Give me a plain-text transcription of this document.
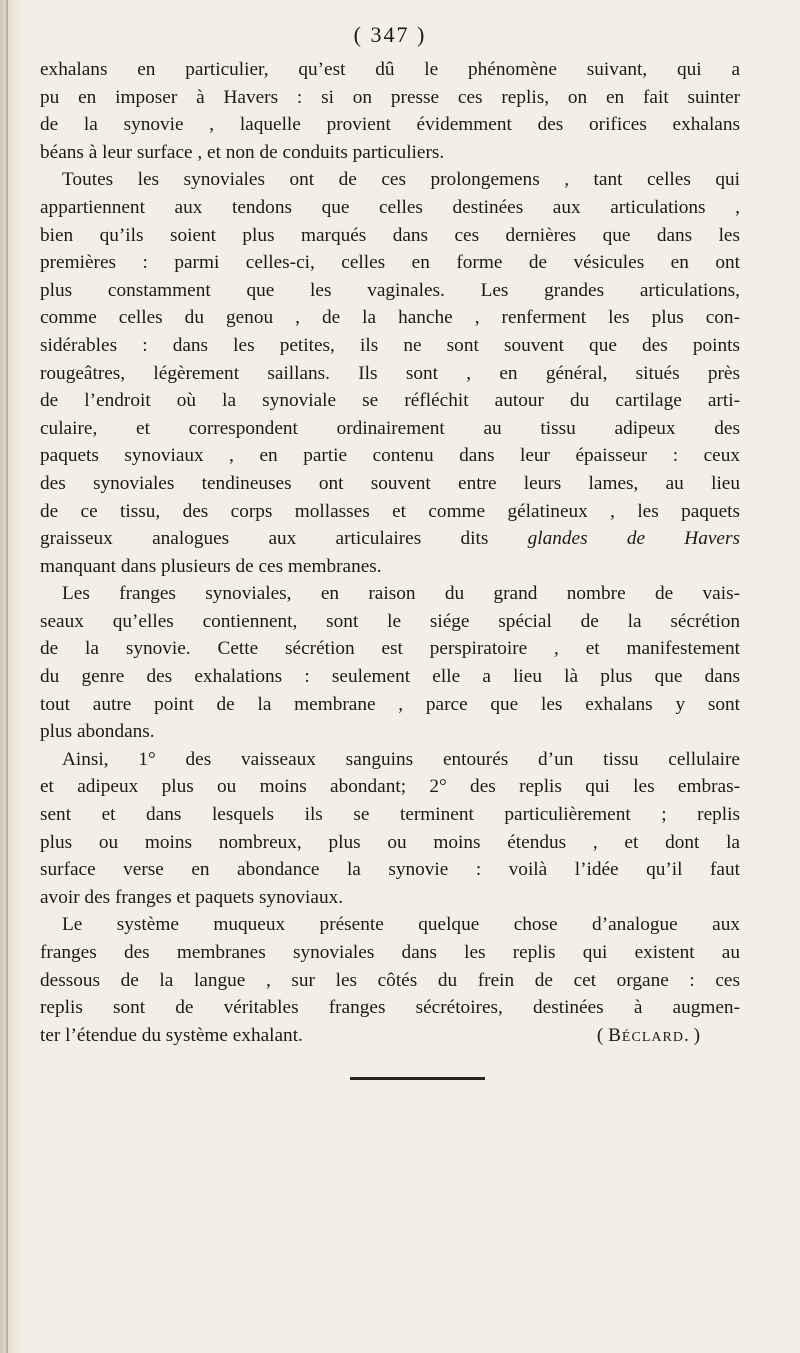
( 347 )
exhalans en particulier, qu’est dû le phénomène suivant, qui a
pu en imposer à Havers : si on presse ces replis, on en fait suinter
de la synovie , laquelle provient évidemment des orifices exhalans
béans à leur surface , et non de conduits particuliers.
Toutes les synoviales ont de ces prolongemens , tant celles qui
appartiennent aux tendons que celles destinées aux articulations ,
bien qu’ils soient plus marqués dans ces dernières que dans les
premières : parmi celles-ci, celles en forme de vésicules en ont
plus constamment que les vaginales. Les grandes articulations,
comme celles du genou , de la hanche , renferment les plus con-
sidérables : dans les petites, ils ne sont souvent que des points
rougeâtres, légèrement saillans. Ils sont , en général, situés près
de l’endroit où la synoviale se réfléchit autour du cartilage arti-
culaire, et correspondent ordinairement au tissu adipeux des
paquets synoviaux , en partie contenu dans leur épaisseur : ceux
des synoviales tendineuses ont souvent entre leurs lames, au lieu
de ce tissu, des corps mollasses et comme gélatineux , les paquets
graisseux analogues aux articulaires dits glandes de Havers
manquant dans plusieurs de ces membranes.
Les franges synoviales, en raison du grand nombre de vais-
seaux qu’elles contiennent, sont le siége spécial de la sécrétion
de la synovie. Cette sécrétion est perspiratoire , et manifestement
du genre des exhalations : seulement elle a lieu là plus que dans
tout autre point de la membrane , parce que les exhalans y sont
plus abondans.
Ainsi, 1° des vaisseaux sanguins entourés d’un tissu cellulaire
et adipeux plus ou moins abondant; 2° des replis qui les embras-
sent et dans lesquels ils se terminent particulièrement ; replis
plus ou moins nombreux, plus ou moins étendus , et dont la
surface verse en abondance la synovie : voilà l’idée qu’il faut
avoir des franges et paquets synoviaux.
Le système muqueux présente quelque chose d’analogue aux
franges des membranes synoviales dans les replis qui existent au
dessous de la langue , sur les côtés du frein de cet organe : ces
replis sont de véritables franges sécrétoires, destinées à augmen-
ter l’étendue du système exhalant.	( Béclard. )
